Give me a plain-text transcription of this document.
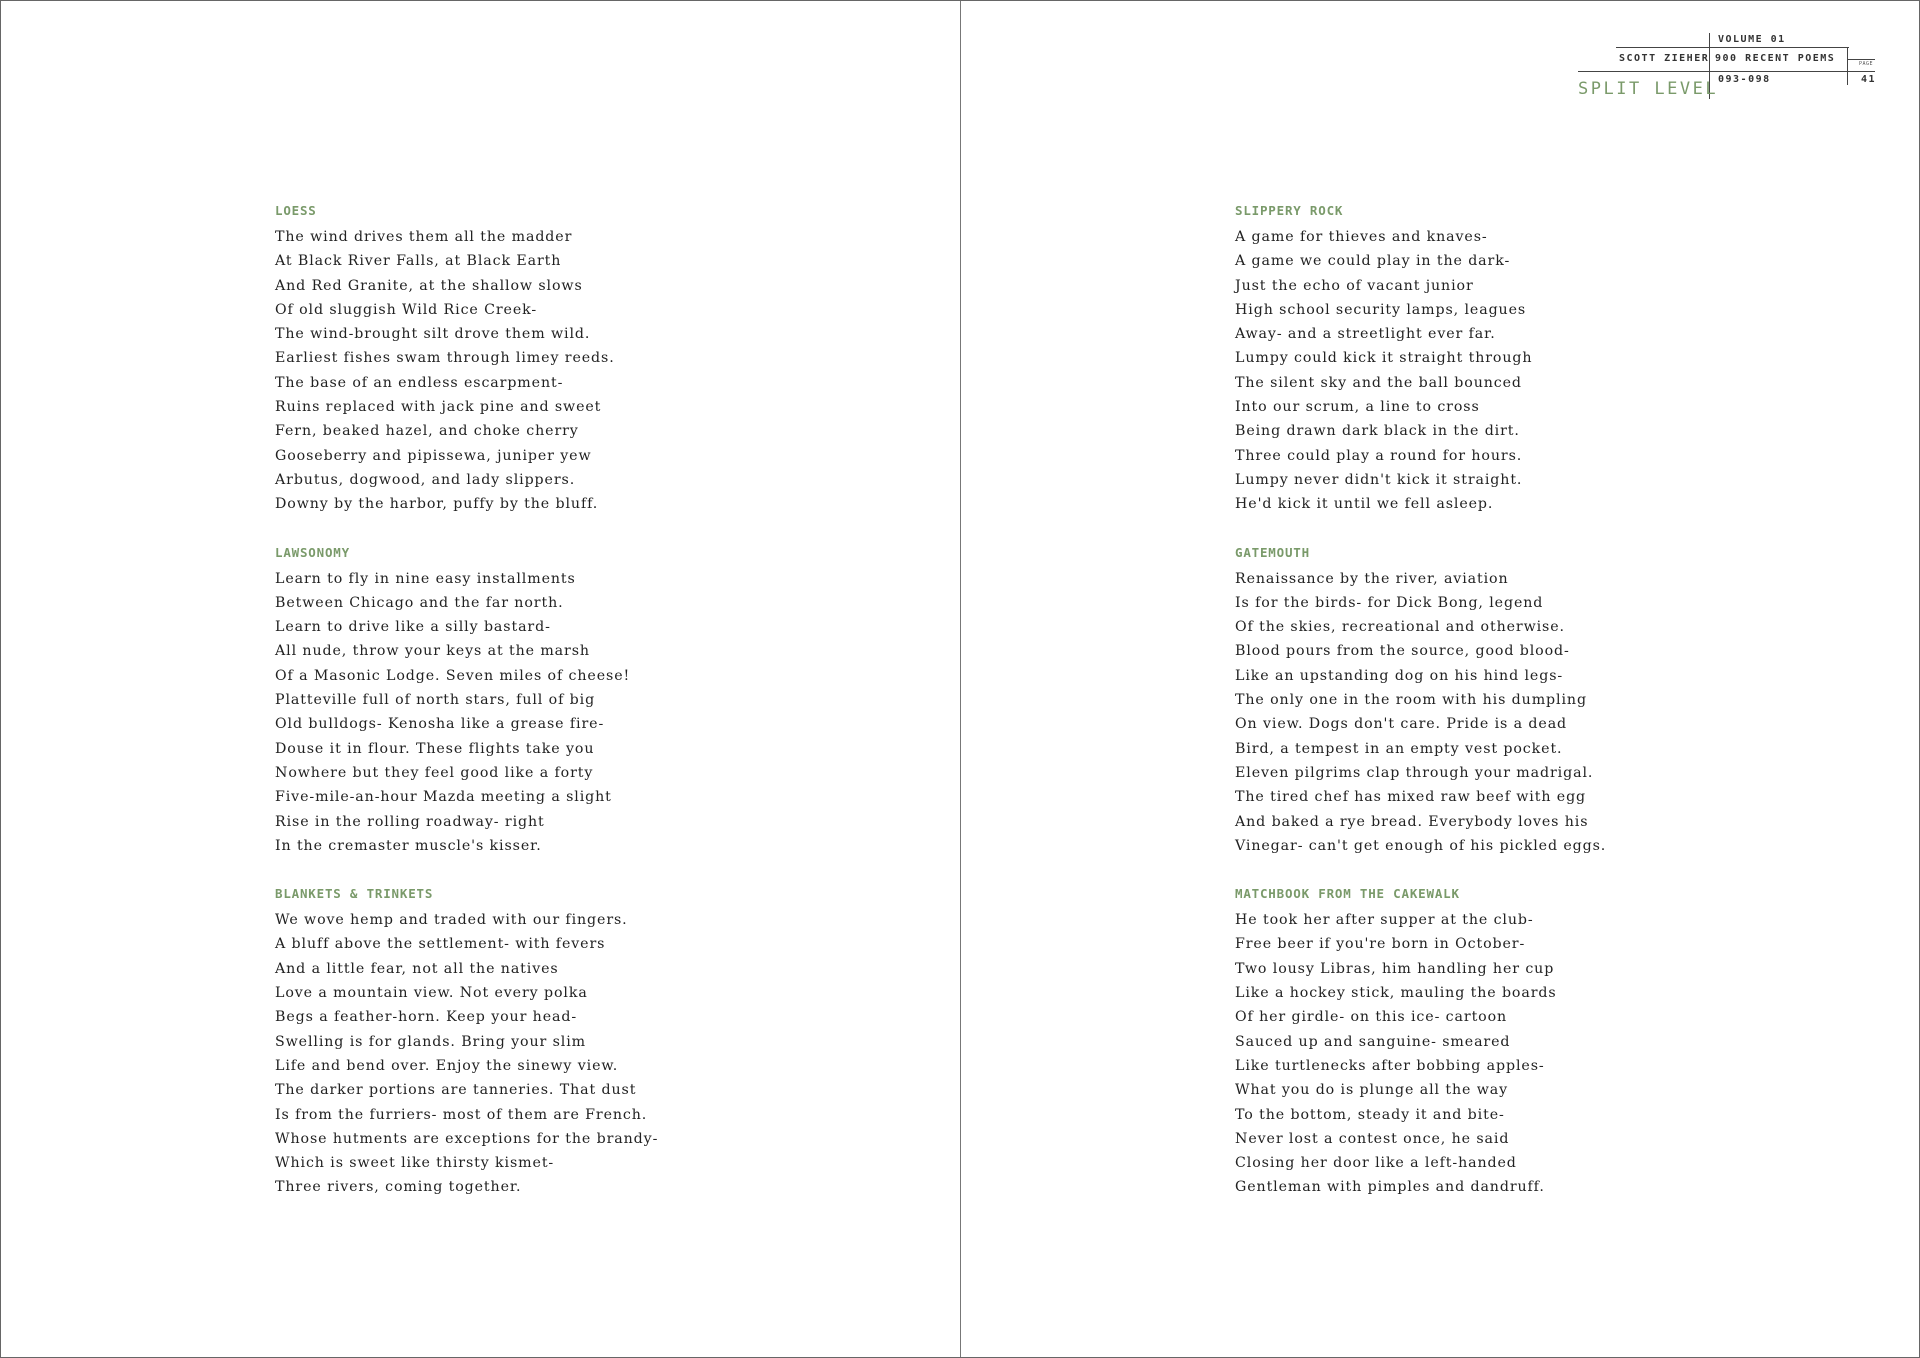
VOLUME 01
SCOTT ZIEHER 900 RECENT POEMS
093-098
PAGE
41
SPLIT LEVEL
LOESS
The wind drives them all the madder
At Black River Falls, at Black Earth
And Red Granite, at the shallow slows
Of old sluggish Wild Rice Creek-
The wind-brought silt drove them wild.
Earliest fishes swam through limey reeds.
The base of an endless escarpment-
Ruins replaced with jack pine and sweet
Fern, beaked hazel, and choke cherry
Gooseberry and pipissewa, juniper yew
Arbutus, dogwood, and lady slippers.
Downy by the harbor, puffy by the bluff.
LAWSONOMY
Learn to fly in nine easy installments
Between Chicago and the far north.
Learn to drive like a silly bastard-
All nude, throw your keys at the marsh
Of a Masonic Lodge. Seven miles of cheese!
Platteville full of north stars, full of big
Old bulldogs- Kenosha like a grease fire-
Douse it in flour. These flights take you
Nowhere but they feel good like a forty
Five-mile-an-hour Mazda meeting a slight
Rise in the rolling roadway- right
In the cremaster muscle's kisser.
BLANKETS & TRINKETS
We wove hemp and traded with our fingers.
A bluff above the settlement- with fevers
And a little fear, not all the natives
Love a mountain view. Not every polka
Begs a feather-horn. Keep your head-
Swelling is for glands. Bring your slim
Life and bend over. Enjoy the sinewy view.
The darker portions are tanneries. That dust
Is from the furriers- most of them are French.
Whose hutments are exceptions for the brandy-
Which is sweet like thirsty kismet-
Three rivers, coming together.
SLIPPERY ROCK
A game for thieves and knaves-
A game we could play in the dark-
Just the echo of vacant junior
High school security lamps, leagues
Away- and a streetlight ever far.
Lumpy could kick it straight through
The silent sky and the ball bounced
Into our scrum, a line to cross
Being drawn dark black in the dirt.
Three could play a round for hours.
Lumpy never didn't kick it straight.
He'd kick it until we fell asleep.
GATEMOUTH
Renaissance by the river, aviation
Is for the birds- for Dick Bong, legend
Of the skies, recreational and otherwise.
Blood pours from the source, good blood-
Like an upstanding dog on his hind legs-
The only one in the room with his dumpling
On view. Dogs don't care. Pride is a dead
Bird, a tempest in an empty vest pocket.
Eleven pilgrims clap through your madrigal.
The tired chef has mixed raw beef with egg
And baked a rye bread. Everybody loves his
Vinegar- can't get enough of his pickled eggs.
MATCHBOOK FROM THE CAKEWALK
He took her after supper at the club-
Free beer if you're born in October-
Two lousy Libras, him handling her cup
Like a hockey stick, mauling the boards
Of her girdle- on this ice- cartoon
Sauced up and sanguine- smeared
Like turtlenecks after bobbing apples-
What you do is plunge all the way
To the bottom, steady it and bite-
Never lost a contest once, he said
Closing her door like a left-handed
Gentleman with pimples and dandruff.
